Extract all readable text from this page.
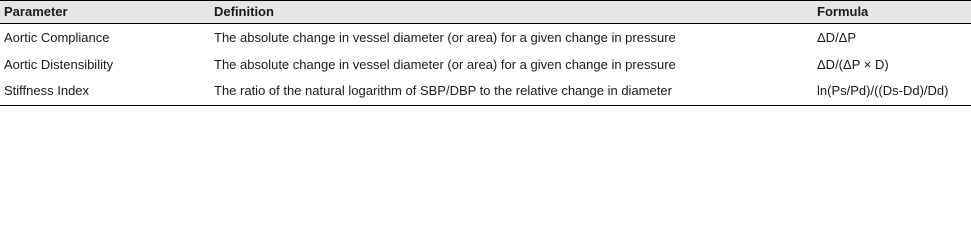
Parameter	Definition	Formula
Aortic Compliance	The absolute change in vessel diameter (or area) for a given change in pressure	ΔD/ΔP
Aortic Distensibility	The absolute change in vessel diameter (or area) for a given change in pressure	ΔD/(ΔP × D)
Stiffness Index	The ratio of the natural logarithm of SBP/DBP to the relative change in diameter	ln(Ps/Pd)/((Ds-Dd)/Dd)
